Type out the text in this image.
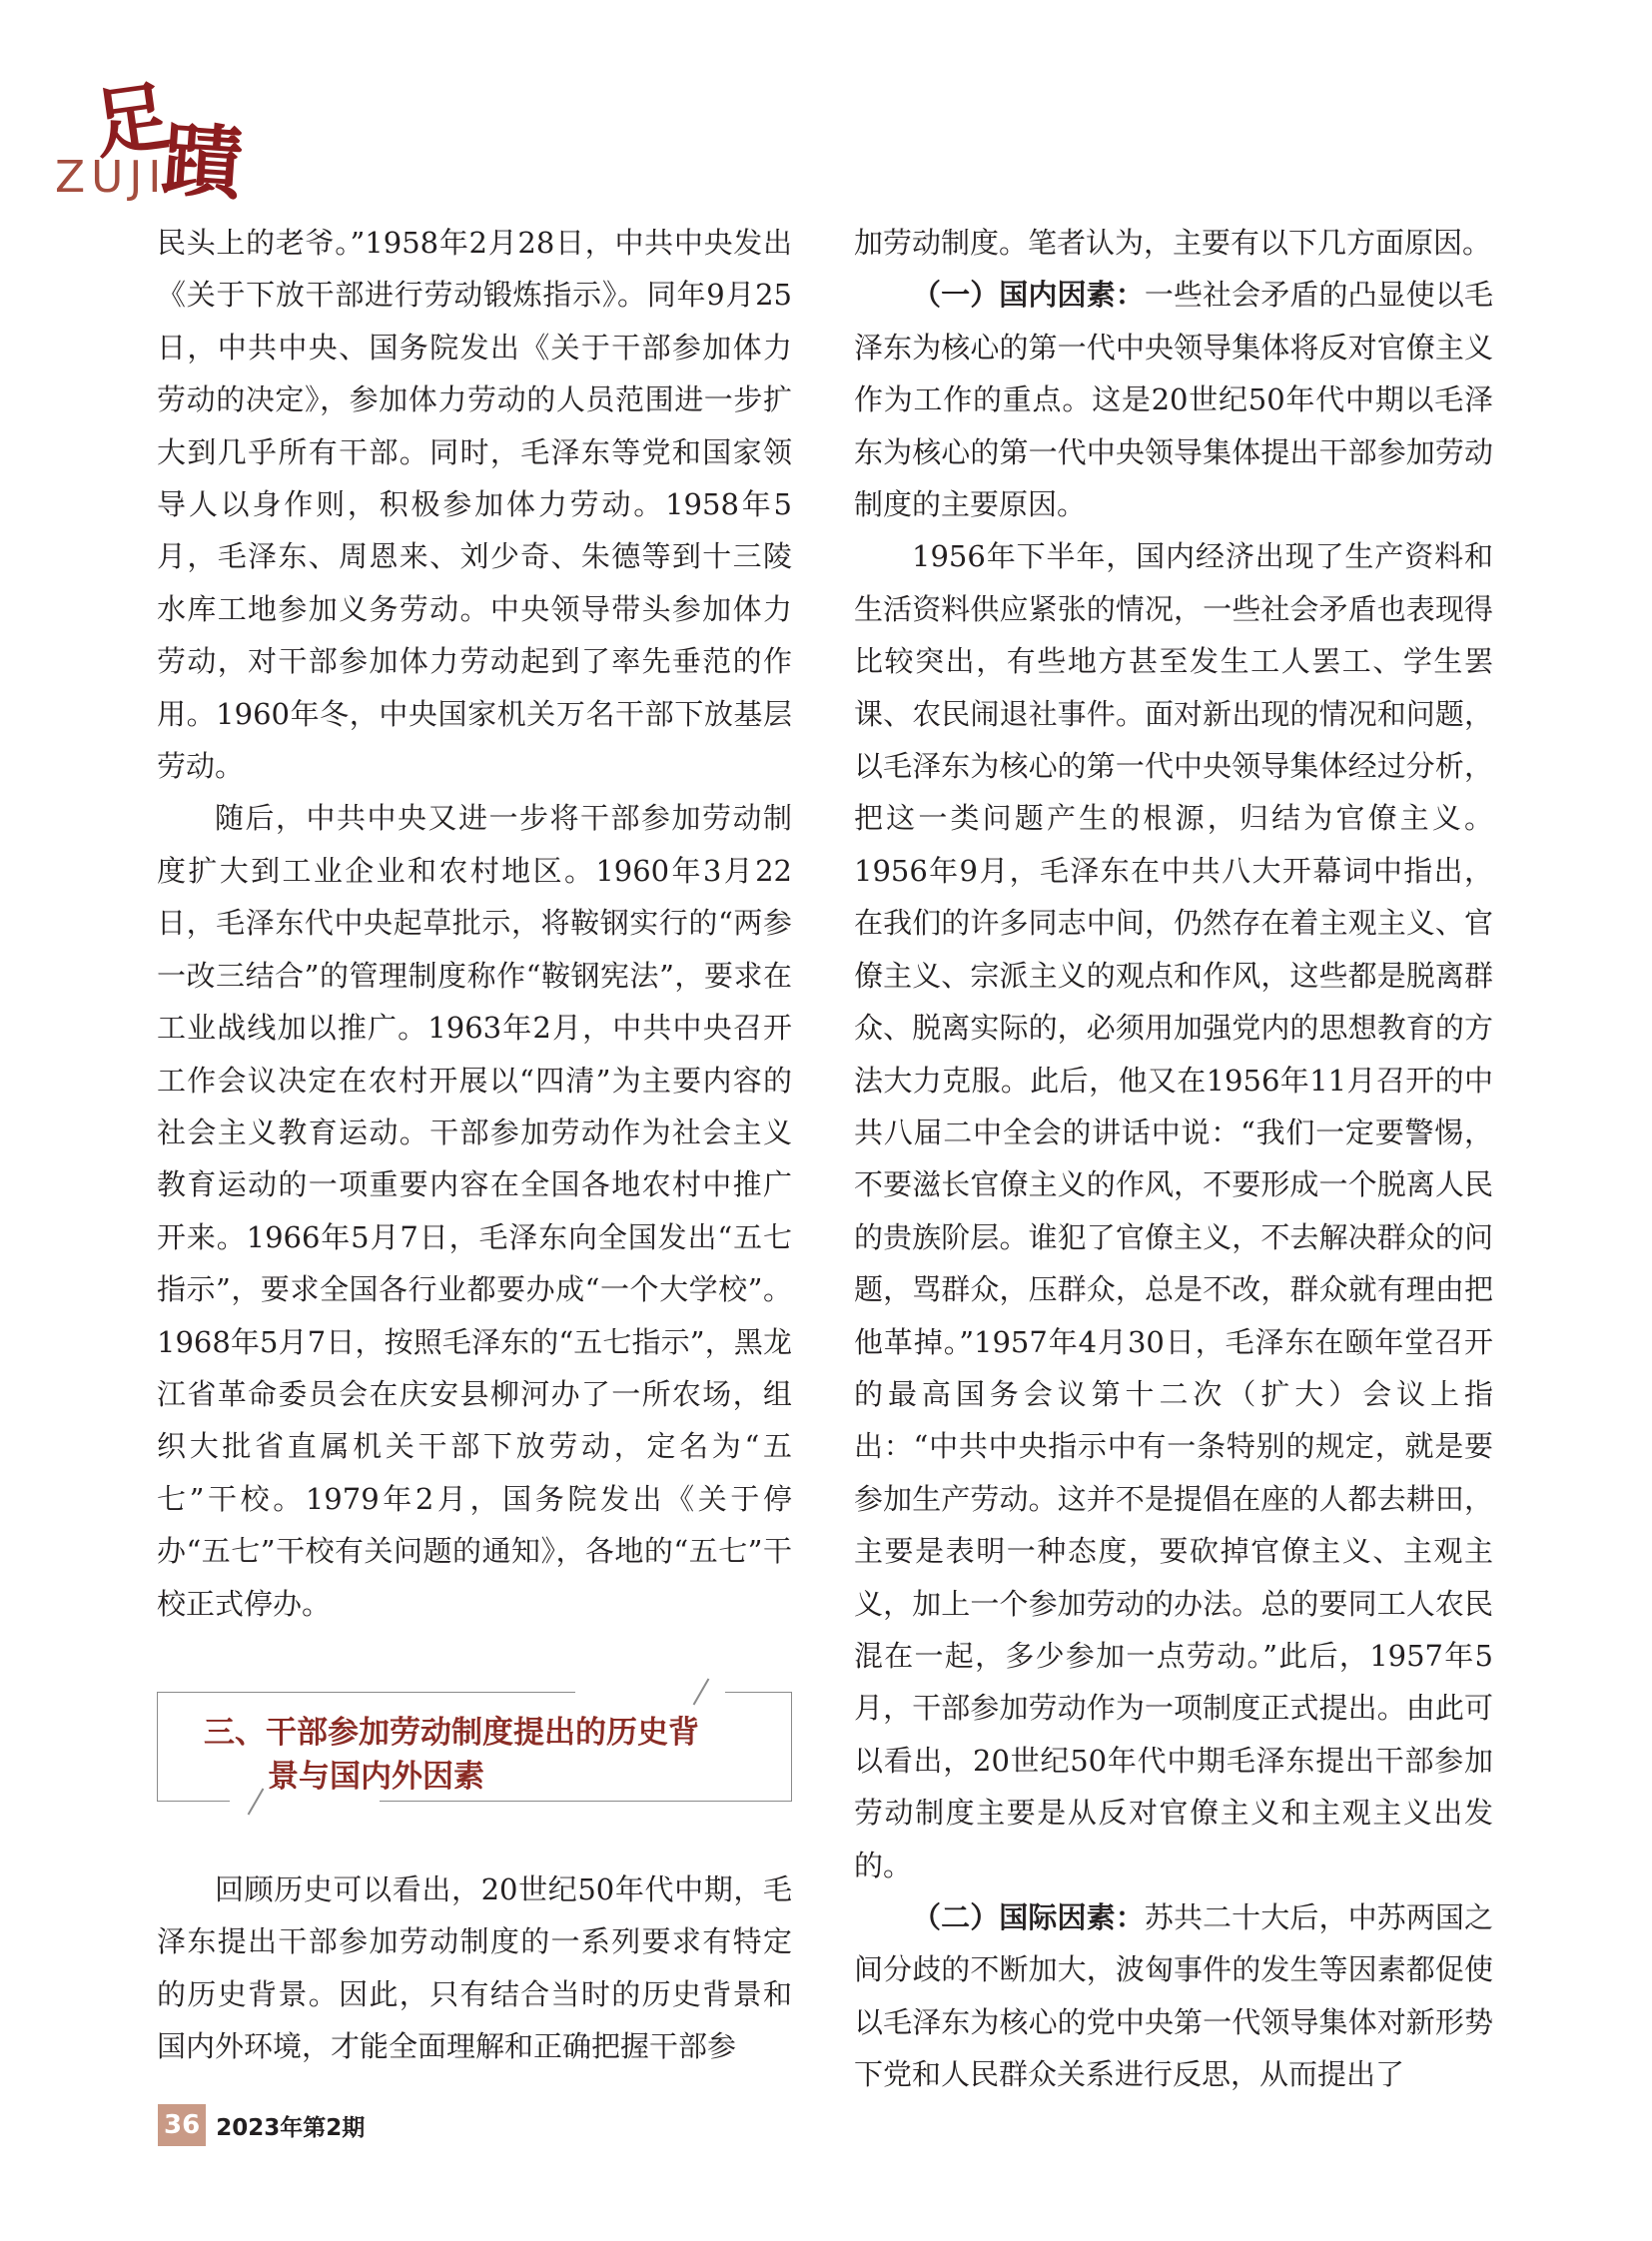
足
蹟
ZUJI

民头上的老爷。”1958年2月28日，中共中央发出《关于下放干部进行劳动锻炼指示》。同年9月25日，中共中央、国务院发出《关于干部参加体力劳动的决定》，参加体力劳动的人员范围进一步扩大到几乎所有干部。同时，毛泽东等党和国家领导人以身作则，积极参加体力劳动。1958年5月，毛泽东、周恩来、刘少奇、朱德等到十三陵水库工地参加义务劳动。中央领导带头参加体力劳动，对干部参加体力劳动起到了率先垂范的作用。1960年冬，中央国家机关万名干部下放基层劳动。

随后，中共中央又进一步将干部参加劳动制度扩大到工业企业和农村地区。1960年3月22日，毛泽东代中央起草批示，将鞍钢实行的“两参一改三结合”的管理制度称作“鞍钢宪法”，要求在工业战线加以推广。1963年2月，中共中央召开工作会议决定在农村开展以“四清”为主要内容的社会主义教育运动。干部参加劳动作为社会主义教育运动的一项重要内容在全国各地农村中推广开来。1966年5月7日，毛泽东向全国发出“五七指示”，要求全国各行业都要办成“一个大学校”。1968年5月7日，按照毛泽东的“五七指示”，黑龙江省革命委员会在庆安县柳河办了一所农场，组织大批省直属机关干部下放劳动，定名为“五七”干校。1979年2月，国务院发出《关于停办“五七”干校有关问题的通知》，各地的“五七”干校正式停办。

三、干部参加劳动制度提出的历史背
景与国内外因素

回顾历史可以看出，20世纪50年代中期，毛泽东提出干部参加劳动制度的一系列要求有特定的历史背景。因此，只有结合当时的历史背景和国内外环境，才能全面理解和正确把握干部参

加劳动制度。笔者认为，主要有以下几方面原因。

（一）国内因素：一些社会矛盾的凸显使以毛泽东为核心的第一代中央领导集体将反对官僚主义作为工作的重点。这是20世纪50年代中期以毛泽东为核心的第一代中央领导集体提出干部参加劳动制度的主要原因。

1956年下半年，国内经济出现了生产资料和生活资料供应紧张的情况，一些社会矛盾也表现得比较突出，有些地方甚至发生工人罢工、学生罢课、农民闹退社事件。面对新出现的情况和问题，以毛泽东为核心的第一代中央领导集体经过分析，把这一类问题产生的根源，归结为官僚主义。1956年9月，毛泽东在中共八大开幕词中指出，在我们的许多同志中间，仍然存在着主观主义、官僚主义、宗派主义的观点和作风，这些都是脱离群众、脱离实际的，必须用加强党内的思想教育的方法大力克服。此后，他又在1956年11月召开的中共八届二中全会的讲话中说：“我们一定要警惕，不要滋长官僚主义的作风，不要形成一个脱离人民的贵族阶层。谁犯了官僚主义，不去解决群众的问题，骂群众，压群众，总是不改，群众就有理由把他革掉。”1957年4月30日，毛泽东在颐年堂召开的最高国务会议第十二次（扩大）会议上指出：“中共中央指示中有一条特别的规定，就是要参加生产劳动。这并不是提倡在座的人都去耕田，主要是表明一种态度，要砍掉官僚主义、主观主义，加上一个参加劳动的办法。总的要同工人农民混在一起，多少参加一点劳动。”此后，1957年5月，干部参加劳动作为一项制度正式提出。由此可以看出，20世纪50年代中期毛泽东提出干部参加劳动制度主要是从反对官僚主义和主观主义出发的。

（二）国际因素：苏共二十大后，中苏两国之间分歧的不断加大，波匈事件的发生等因素都促使以毛泽东为核心的党中央第一代领导集体对新形势下党和人民群众关系进行反思，从而提出了

36 2023年第2期
